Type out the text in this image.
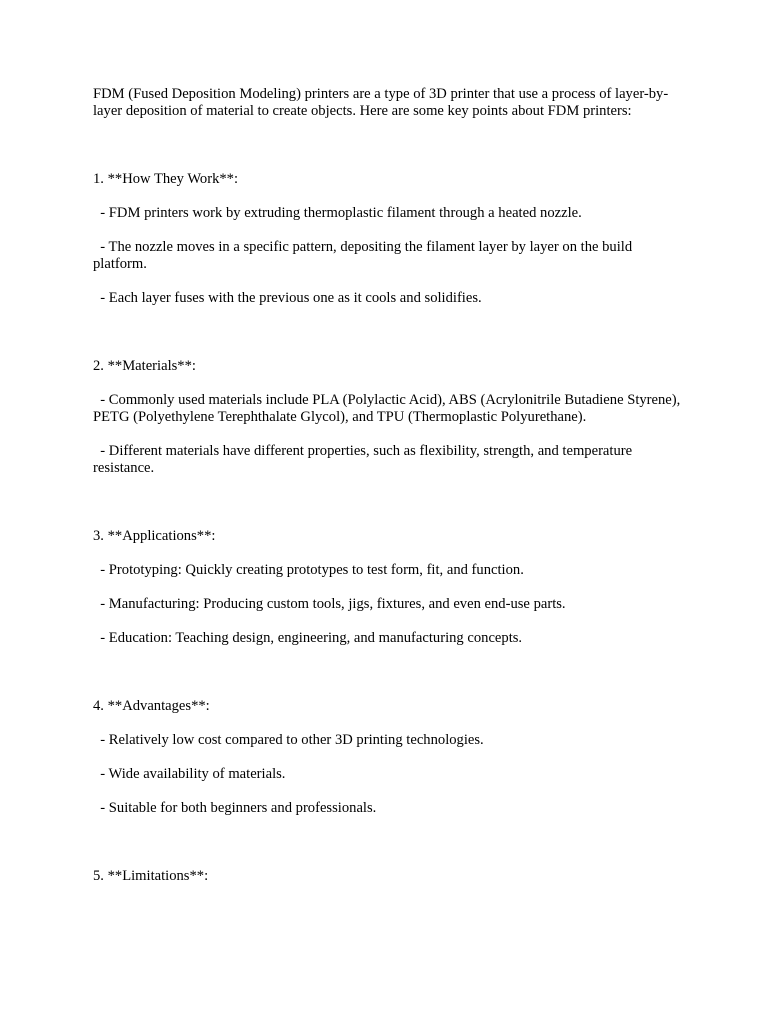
FDM (Fused Deposition Modeling) printers are a type of 3D printer that use a process of layer-by-layer deposition of material to create objects. Here are some key points about FDM printers:

1. **How They Work**:

- FDM printers work by extruding thermoplastic filament through a heated nozzle.

- The nozzle moves in a specific pattern, depositing the filament layer by layer on the build platform.

- Each layer fuses with the previous one as it cools and solidifies.

2. **Materials**:

- Commonly used materials include PLA (Polylactic Acid), ABS (Acrylonitrile Butadiene Styrene), PETG (Polyethylene Terephthalate Glycol), and TPU (Thermoplastic Polyurethane).

- Different materials have different properties, such as flexibility, strength, and temperature resistance.

3. **Applications**:

- Prototyping: Quickly creating prototypes to test form, fit, and function.

- Manufacturing: Producing custom tools, jigs, fixtures, and even end-use parts.

- Education: Teaching design, engineering, and manufacturing concepts.

4. **Advantages**:

- Relatively low cost compared to other 3D printing technologies.

- Wide availability of materials.

- Suitable for both beginners and professionals.

5. **Limitations**:
